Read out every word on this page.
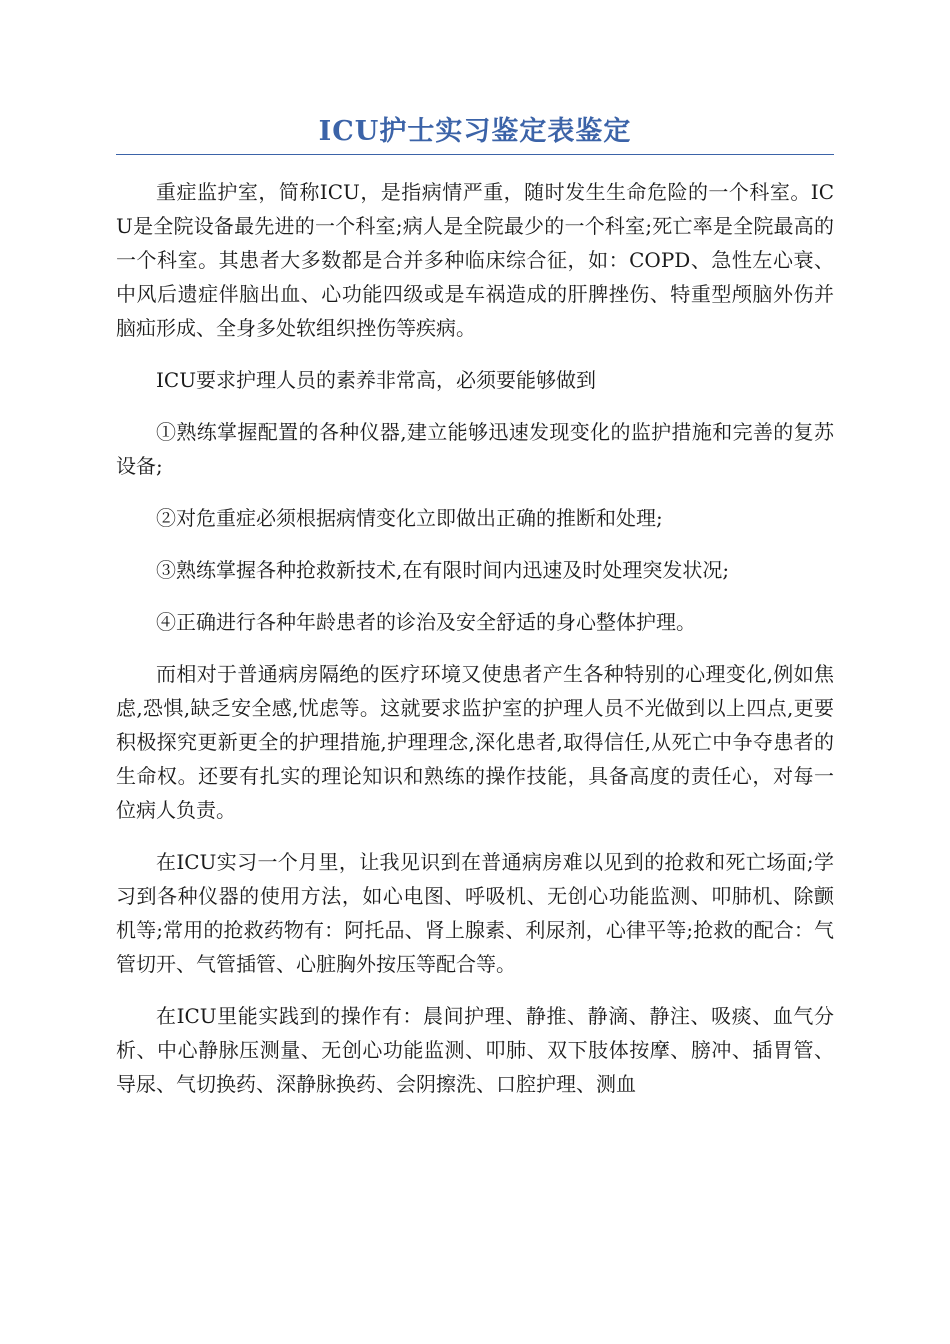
ICU护士实习鉴定表鉴定

重症监护室，简称ICU，是指病情严重，随时发生生命危险的一个科室。ICU是全院设备最先进的一个科室;病人是全院最少的一个科室;死亡率是全院最高的一个科室。其患者大多数都是合并多种临床综合征，如：COPD、急性左心衰、中风后遗症伴脑出血、心功能四级或是车祸造成的肝脾挫伤、特重型颅脑外伤并脑疝形成、全身多处软组织挫伤等疾病。

ICU要求护理人员的素养非常高，必须要能够做到

①熟练掌握配置的各种仪器,建立能够迅速发现变化的监护措施和完善的复苏设备;

②对危重症必须根据病情变化立即做出正确的推断和处理;

③熟练掌握各种抢救新技术,在有限时间内迅速及时处理突发状况;

④正确进行各种年龄患者的诊治及安全舒适的身心整体护理。

而相对于普通病房隔绝的医疗环境又使患者产生各种特别的心理变化,例如焦虑,恐惧,缺乏安全感,忧虑等。这就要求监护室的护理人员不光做到以上四点,更要积极探究更新更全的护理措施,护理理念,深化患者,取得信任,从死亡中争夺患者的生命权。还要有扎实的理论知识和熟练的操作技能，具备高度的责任心，对每一位病人负责。

在ICU实习一个月里，让我见识到在普通病房难以见到的抢救和死亡场面;学习到各种仪器的使用方法，如心电图、呼吸机、无创心功能监测、叩肺机、除颤机等;常用的抢救药物有：阿托品、肾上腺素、利尿剂，心律平等;抢救的配合：气管切开、气管插管、心脏胸外按压等配合等。

在ICU里能实践到的操作有：晨间护理、静推、静滴、静注、吸痰、血气分析、中心静脉压测量、无创心功能监测、叩肺、双下肢体按摩、膀冲、插胃管、导尿、气切换药、深静脉换药、会阴擦洗、口腔护理、测血
